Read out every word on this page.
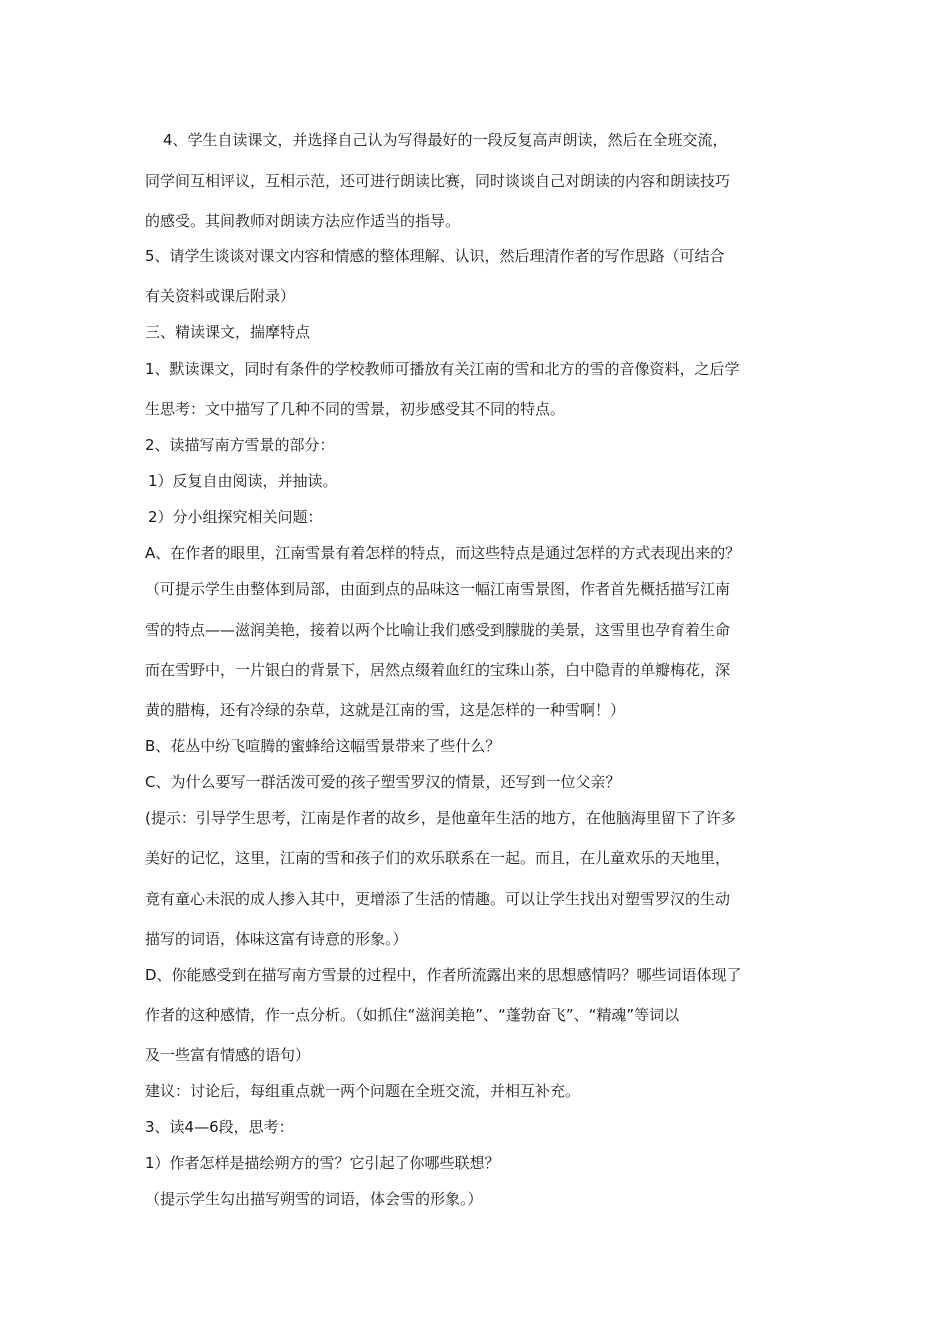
4、学生自读课文，并选择自己认为写得最好的一段反复高声朗读，然后在全班交流，
同学间互相评议，互相示范，还可进行朗读比赛，同时谈谈自己对朗读的内容和朗读技巧
的感受。其间教师对朗读方法应作适当的指导。
5、请学生谈谈对课文内容和情感的整体理解、认识，然后理清作者的写作思路（可结合
有关资料或课后附录）
三、精读课文，揣摩特点
1、默读课文，同时有条件的学校教师可播放有关江南的雪和北方的雪的音像资料，之后学
生思考：文中描写了几种不同的雪景，初步感受其不同的特点。
2、读描写南方雪景的部分：
1）反复自由阅读，并抽读。
2）分小组探究相关问题：
A、在作者的眼里，江南雪景有着怎样的特点，而这些特点是通过怎样的方式表现出来的？
（可提示学生由整体到局部，由面到点的品味这一幅江南雪景图，作者首先概括描写江南
雪的特点——滋润美艳，接着以两个比喻让我们感受到朦胧的美景，这雪里也孕育着生命
而在雪野中，一片银白的背景下，居然点缀着血红的宝珠山茶，白中隐青的单瓣梅花，深
黄的腊梅，还有冷绿的杂草，这就是江南的雪，这是怎样的一种雪啊！）
B、花丛中纷飞喧腾的蜜蜂给这幅雪景带来了些什么？
C、为什么要写一群活泼可爱的孩子塑雪罗汉的情景，还写到一位父亲？
(提示：引导学生思考，江南是作者的故乡，是他童年生活的地方，在他脑海里留下了许多
美好的记忆，这里，江南的雪和孩子们的欢乐联系在一起。而且，在儿童欢乐的天地里，
竟有童心未泯的成人掺入其中，更增添了生活的情趣。可以让学生找出对塑雪罗汉的生动
描写的词语，体味这富有诗意的形象。）
D、你能感受到在描写南方雪景的过程中，作者所流露出来的思想感情吗？哪些词语体现了
作者的这种感情，作一点分析。（如抓住“滋润美艳”、“蓬勃奋飞”、“精魂”等词以
及一些富有情感的语句）
建议：讨论后，每组重点就一两个问题在全班交流，并相互补充。
3、读4—6段，思考：
1）作者怎样是描绘朔方的雪？它引起了你哪些联想？
（提示学生勾出描写朔雪的词语，体会雪的形象。）
